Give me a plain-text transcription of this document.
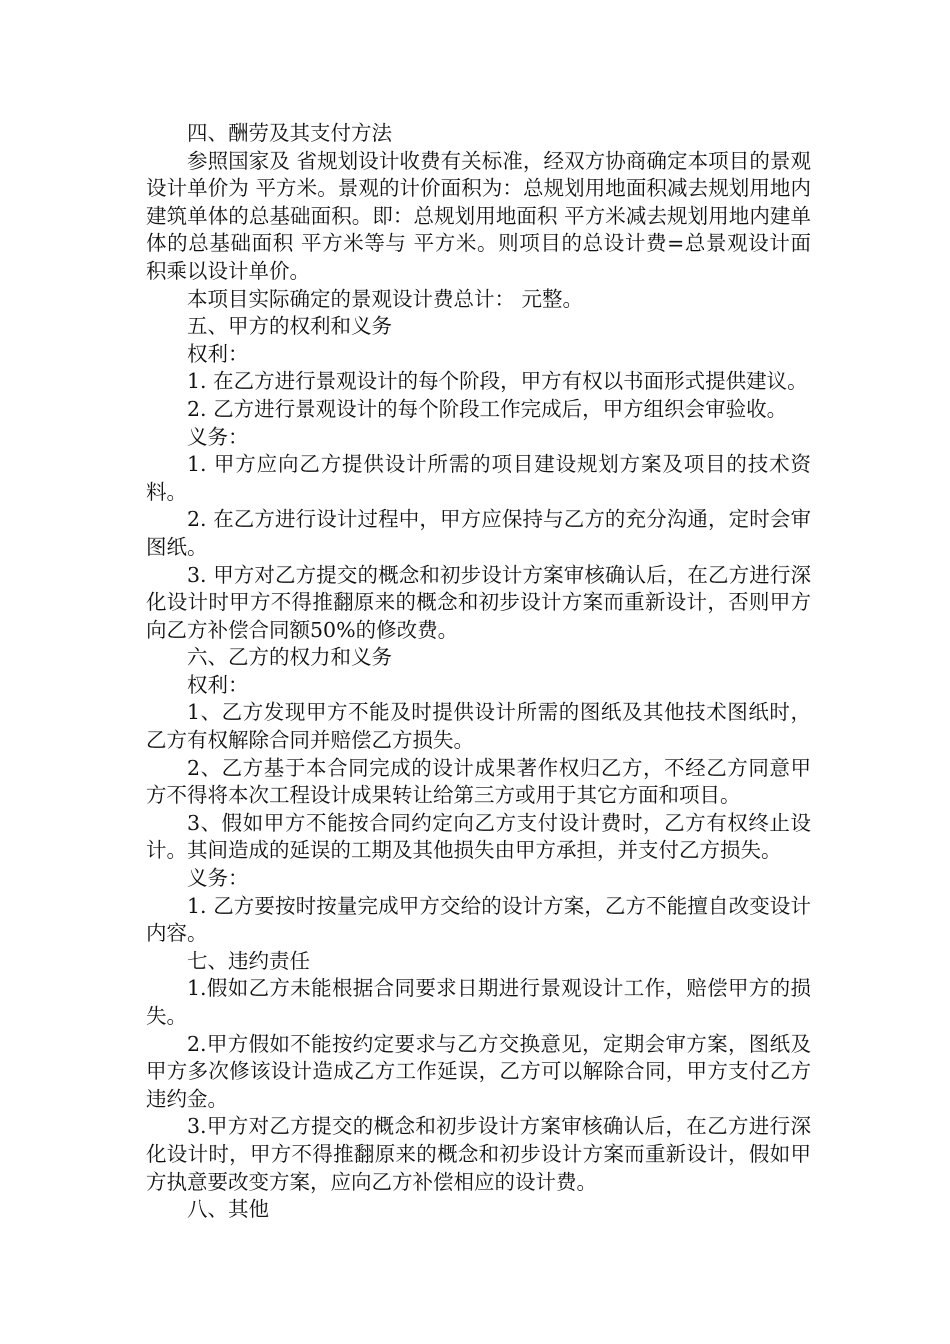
四、酬劳及其支付方法

参照国家及 省规划设计收费有关标准，经双方协商确定本项目的景观设计单价为 平方米。景观的计价面积为：总规划用地面积减去规划用地内建筑单体的总基础面积。即：总规划用地面积 平方米减去规划用地内建单体的总基础面积 平方米等与 平方米。则项目的总设计费=总景观设计面积乘以设计单价。

本项目实际确定的景观设计费总计： 元整。

五、甲方的权利和义务

权利：

1. 在乙方进行景观设计的每个阶段，甲方有权以书面形式提供建议。

2. 乙方进行景观设计的每个阶段工作完成后，甲方组织会审验收。

义务：

1. 甲方应向乙方提供设计所需的项目建设规划方案及项目的技术资料。

2. 在乙方进行设计过程中，甲方应保持与乙方的充分沟通，定时会审图纸。

3. 甲方对乙方提交的概念和初步设计方案审核确认后，在乙方进行深化设计时甲方不得推翻原来的概念和初步设计方案而重新设计，否则甲方向乙方补偿合同额50%的修改费。

六、乙方的权力和义务

权利：

1、乙方发现甲方不能及时提供设计所需的图纸及其他技术图纸时，乙方有权解除合同并赔偿乙方损失。

2、乙方基于本合同完成的设计成果著作权归乙方，不经乙方同意甲方不得将本次工程设计成果转让给第三方或用于其它方面和项目。

3、假如甲方不能按合同约定向乙方支付设计费时，乙方有权终止设计。其间造成的延误的工期及其他损失由甲方承担，并支付乙方损失。

义务：

1. 乙方要按时按量完成甲方交给的设计方案，乙方不能擅自改变设计内容。

七、违约责任

1.假如乙方未能根据合同要求日期进行景观设计工作，赔偿甲方的损失。

2.甲方假如不能按约定要求与乙方交换意见，定期会审方案，图纸及甲方多次修该设计造成乙方工作延误，乙方可以解除合同，甲方支付乙方违约金。

3.甲方对乙方提交的概念和初步设计方案审核确认后，在乙方进行深化设计时，甲方不得推翻原来的概念和初步设计方案而重新设计，假如甲方执意要改变方案，应向乙方补偿相应的设计费。

八、其他
